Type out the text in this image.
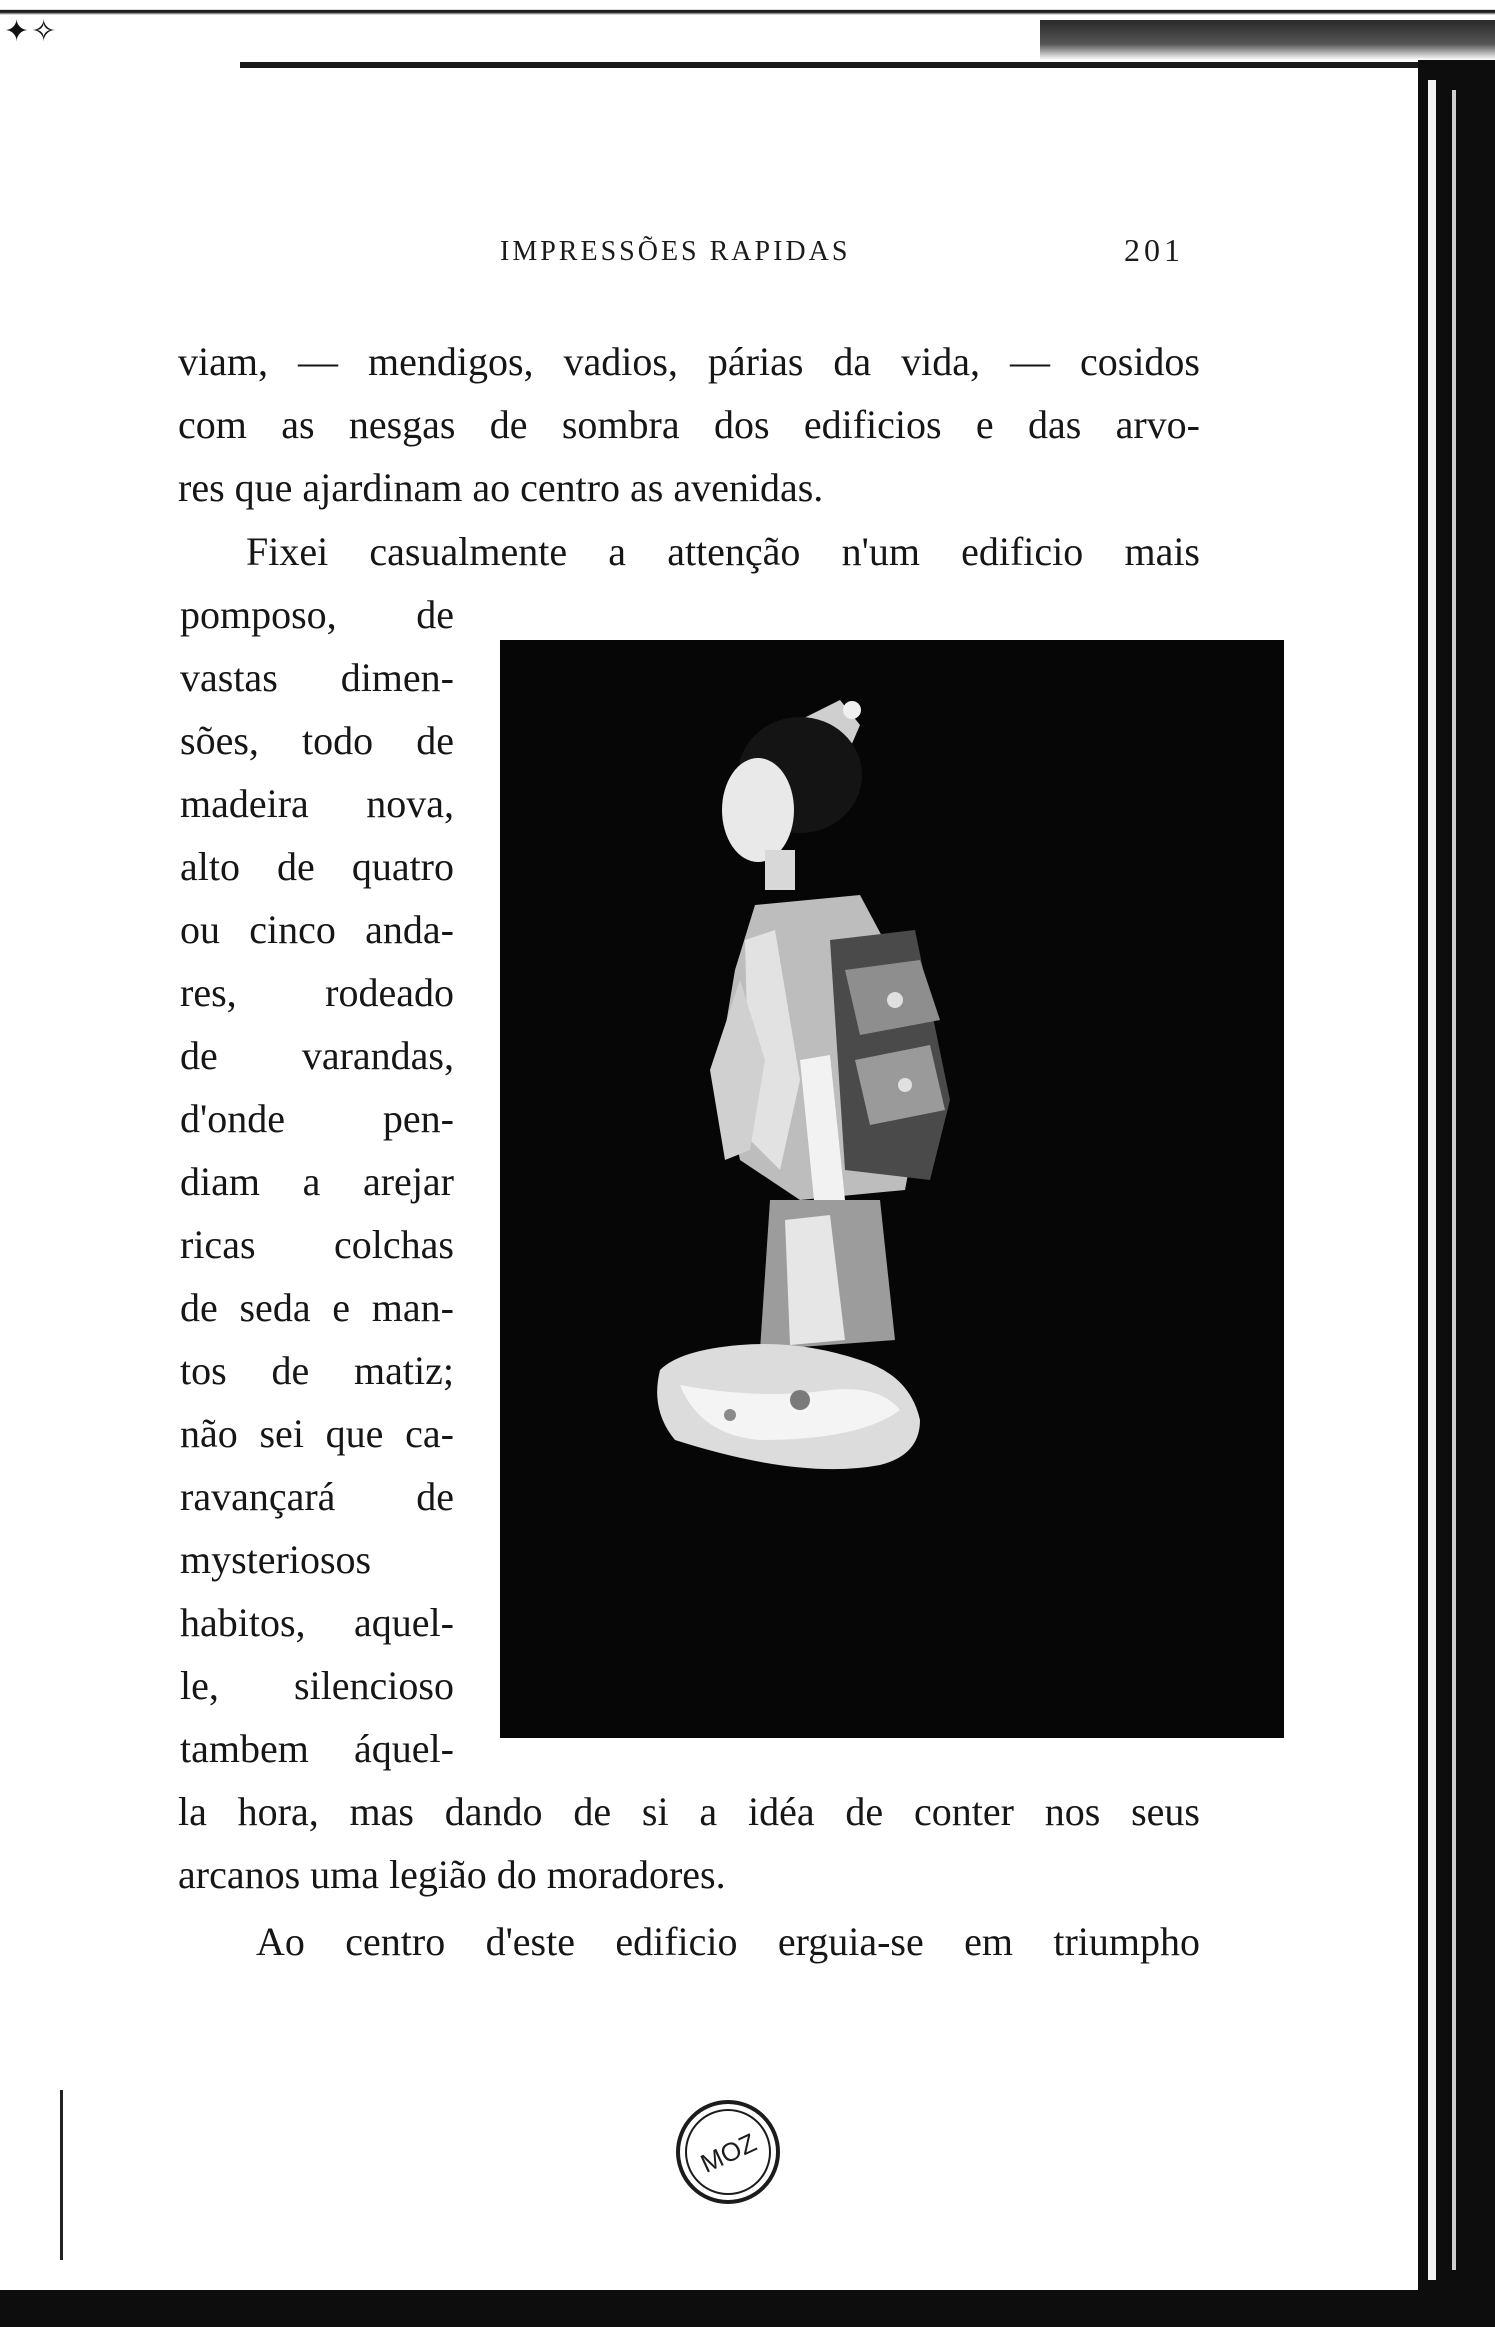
✦✧
IMPRESSÕES RAPIDAS	201

viam, — mendigos, vadios, párias da vida, — cosidos

com as nesgas de sombra dos edificios e das arvo-

res que ajardinam ao centro as avenidas.

Fixei casualmente a attenção n'um edificio mais

pomposo, de

vastas dimen-

sões, todo de

madeira nova,

alto de quatro

ou cinco anda-

res, rodeado

de varandas,

d'onde pen-

diam a arejar

ricas colchas

de seda e man-

tos de matiz;

não sei que ca-

ravançará de

mysteriosos

habitos, aquel-

le, silencioso

tambem áquel-

la hora, mas dando de si a idéa de conter nos seus

arcanos uma legião do moradores.

Ao centro d'este edificio erguia-se em triumpho

MOZ
